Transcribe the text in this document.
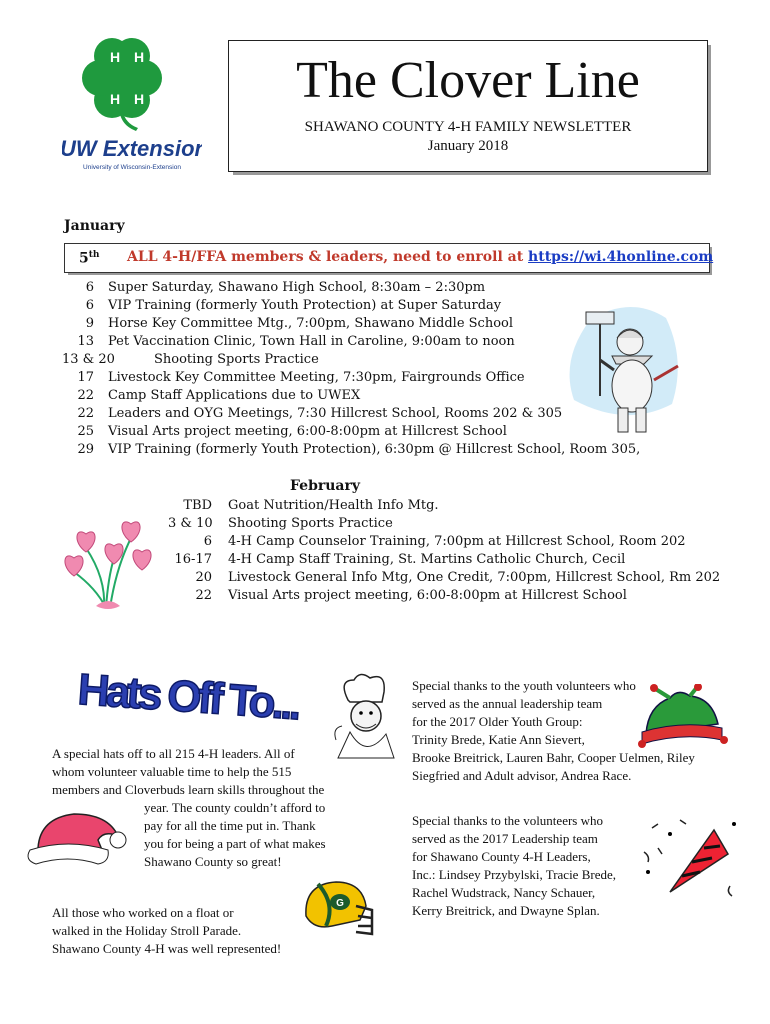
H H
H H
UW Extension
University of Wisconsin-Extension
The Clover Line
SHAWANO COUNTY 4-H FAMILY NEWSLETTER
January 2018
January
5th ALL 4-H/FFA members & leaders, need to enroll at https://wi.4honline.com
6 Super Saturday, Shawano High School, 8:30am – 2:30pm
6 VIP Training (formerly Youth Protection) at Super Saturday
9 Horse Key Committee Mtg., 7:00pm, Shawano Middle School
13 Pet Vaccination Clinic, Town Hall in Caroline, 9:00am to noon
13 & 20	Shooting Sports Practice
17 Livestock Key Committee Meeting, 7:30pm, Fairgrounds Office
22 Camp Staff Applications due to UWEX
22 Leaders and OYG Meetings, 7:30 Hillcrest School, Rooms 202 & 305
25 Visual Arts project meeting, 6:00-8:00pm at Hillcrest School
29 VIP Training (formerly Youth Protection), 6:30pm @ Hillcrest School, Room 305,
February
TBD Goat Nutrition/Health Info Mtg.
3 & 10 Shooting Sports Practice
6 4-H Camp Counselor Training, 7:00pm at Hillcrest School, Room 202
16-17 4-H Camp Staff Training, St. Martins Catholic Church, Cecil
20 Livestock General Info Mtg, One Credit, 7:00pm, Hillcrest School, Rm 202
22 Visual Arts project meeting, 6:00-8:00pm at Hillcrest School
Hats Off To...
G
A special hats off to all 215 4-H leaders. All of
whom volunteer valuable time to help the 515
members and Cloverbuds learn skills throughout the
year. The county couldn’t afford to
pay for all the time put in. Thank
you for being a part of what makes
Shawano County so great!
All those who worked on a float or
walked in the Holiday Stroll Parade.
Shawano County 4-H was well represented!
Special thanks to the youth volunteers who
served as the annual leadership team
for the 2017 Older Youth Group:
Trinity Brede, Katie Ann Sievert,
Brooke Breitrick, Lauren Bahr, Cooper Uelmen, Riley
Siegfried and Adult advisor, Andrea Race.
Special thanks to the volunteers who
served as the 2017 Leadership team
for Shawano County 4-H Leaders,
Inc.: Lindsey Przybylski, Tracie Brede,
Rachel Wudstrack, Nancy Schauer,
Kerry Breitrick, and Dwayne Splan.
